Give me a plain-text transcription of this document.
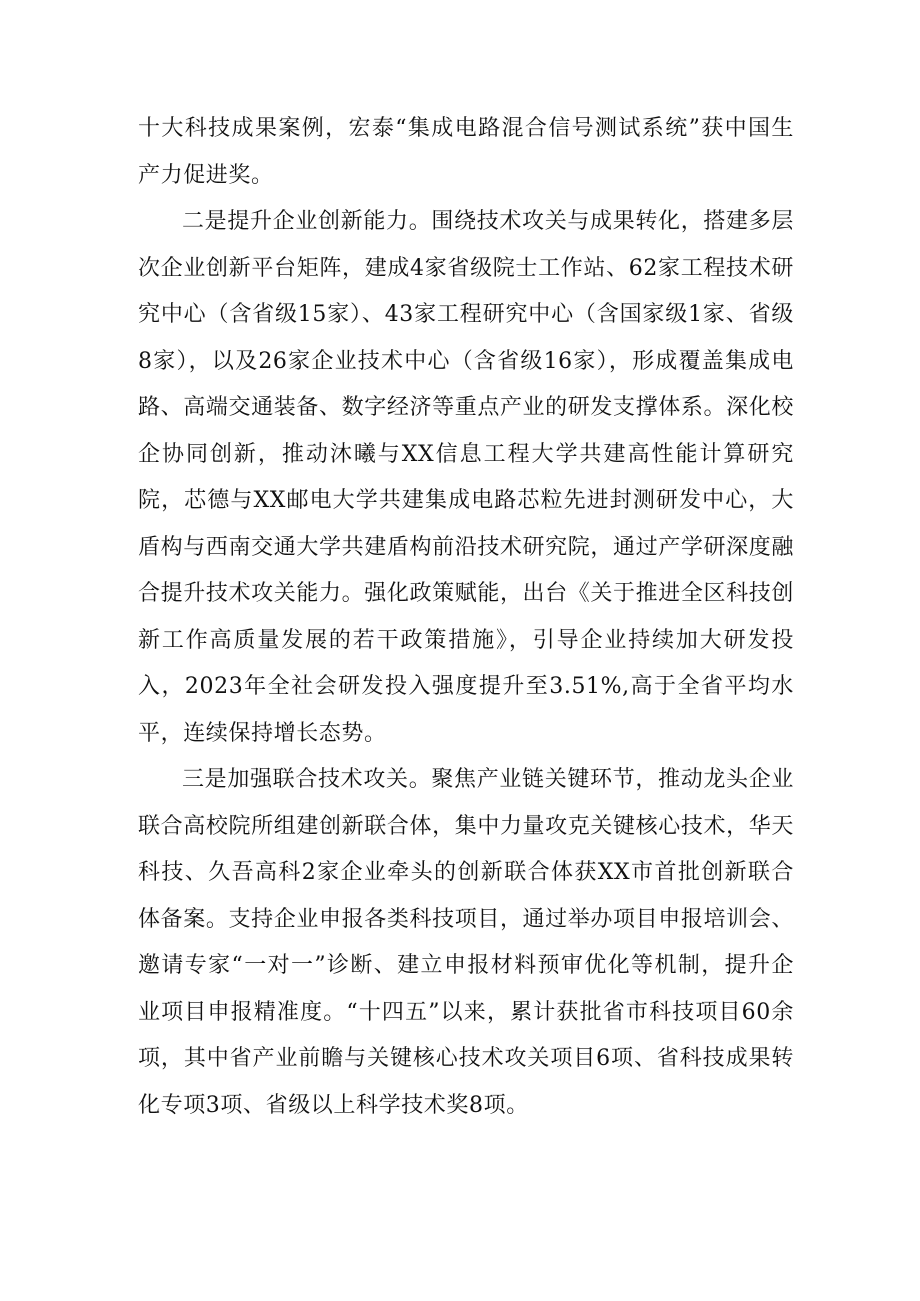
十大科技成果案例，宏泰“集成电路混合信号测试系统”获中国生产力促进奖。

二是提升企业创新能力。围绕技术攻关与成果转化，搭建多层次企业创新平台矩阵，建成4家省级院士工作站、62家工程技术研究中心（含省级15家）、43家工程研究中心（含国家级1家、省级8家），以及26家企业技术中心（含省级16家），形成覆盖集成电路、高端交通装备、数字经济等重点产业的研发支撑体系。深化校企协同创新，推动沐曦与XX信息工程大学共建高性能计算研究院，芯德与XX邮电大学共建集成电路芯粒先进封测研发中心，大盾构与西南交通大学共建盾构前沿技术研究院，通过产学研深度融合提升技术攻关能力。强化政策赋能，出台《关于推进全区科技创新工作高质量发展的若干政策措施》，引导企业持续加大研发投入，2023年全社会研发投入强度提升至3.51%,高于全省平均水平，连续保持增长态势。

三是加强联合技术攻关。聚焦产业链关键环节，推动龙头企业联合高校院所组建创新联合体，集中力量攻克关键核心技术，华天科技、久吾高科2家企业牵头的创新联合体获XX市首批创新联合体备案。支持企业申报各类科技项目，通过举办项目申报培训会、邀请专家“一对一”诊断、建立申报材料预审优化等机制，提升企业项目申报精准度。“十四五”以来，累计获批省市科技项目60余项，其中省产业前瞻与关键核心技术攻关项目6项、省科技成果转化专项3项、省级以上科学技术奖8项。
